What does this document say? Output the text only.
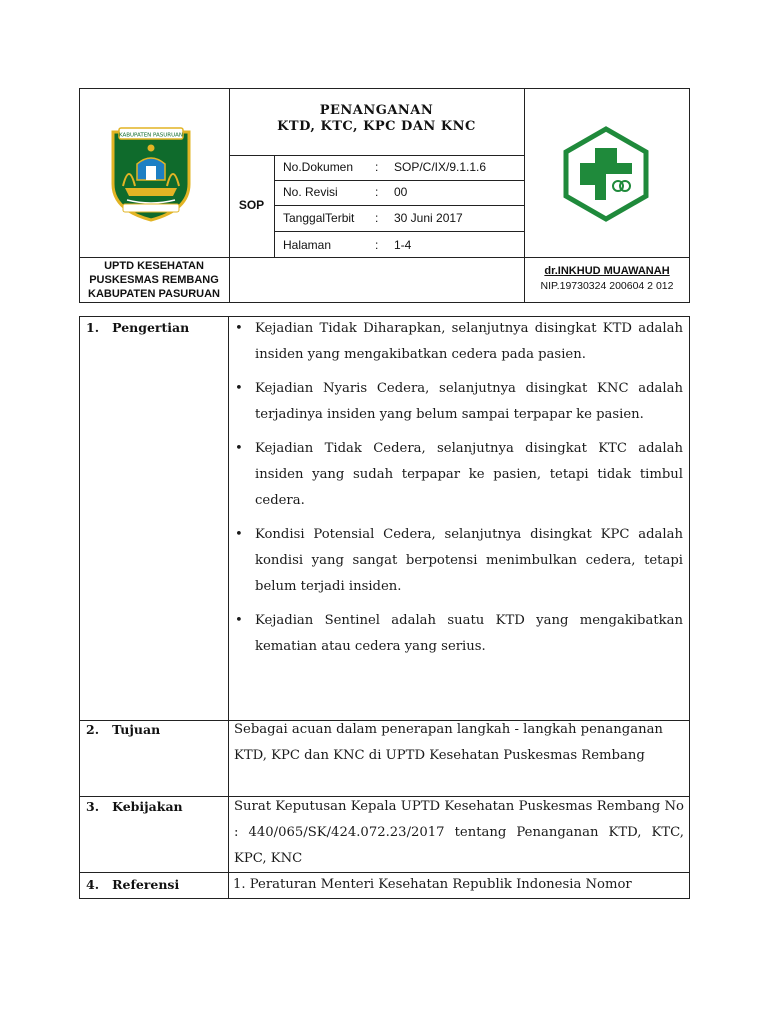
KABUPATEN PASURUAN
PENANGANAN
KTD, KTC, KPC DAN KNC
SOP
No.Dokumen : SOP/C/IX/9.1.1.6
No. Revisi	: 00
TanggalTerbit : 30 Juni 2017
Halaman	: 1-4
UPTD KESEHATAN
PUSKESMAS REMBANG
KABUPATEN PASURUAN
dr.INKHUD MUAWANAH
NIP.19730324 200604 2 012
1. Pengertian	• Kejadian Tidak Diharapkan, selanjutnya disingkat KTD adalah insiden yang mengakibatkan cedera pada pasien.
• Kejadian Nyaris Cedera, selanjutnya disingkat KNC adalah terjadinya insiden yang belum sampai terpapar ke pasien.
• Kejadian Tidak Cedera, selanjutnya disingkat KTC adalah insiden yang sudah terpapar ke pasien, tetapi tidak timbul cedera.
• Kondisi Potensial Cedera, selanjutnya disingkat KPC adalah kondisi yang sangat berpotensi menimbulkan cedera, tetapi belum terjadi insiden.
• Kejadian Sentinel adalah suatu KTD yang mengakibatkan kematian atau cedera yang serius.
2. Tujuan	Sebagai acuan dalam penerapan langkah - langkah penanganan KTD, KPC dan KNC di UPTD Kesehatan Puskesmas Rembang
3. Kebijakan	Surat Keputusan Kepala UPTD Kesehatan Puskesmas Rembang No : 440/065/SK/424.072.23/2017 tentang Penanganan KTD, KTC, KPC, KNC
4. Referensi	1. Peraturan Menteri Kesehatan Republik Indonesia Nomor
